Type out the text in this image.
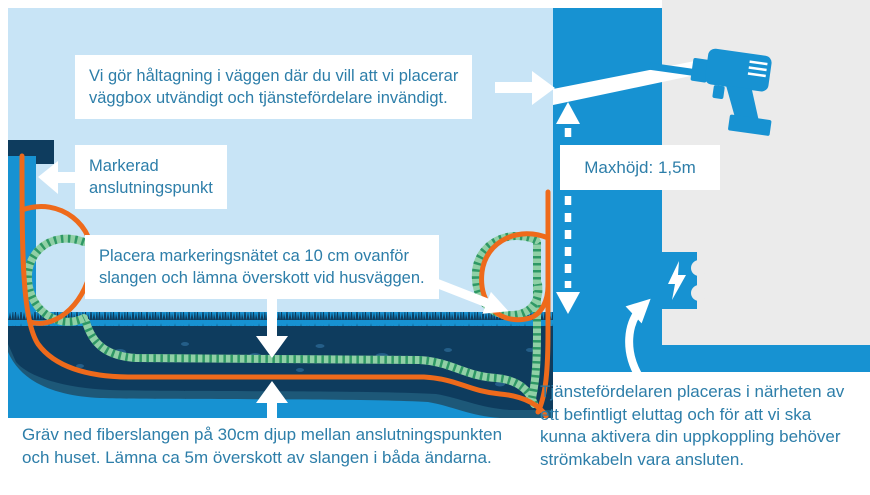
Vi gör håltagning i väggen där du vill att vi placerar
väggbox utvändigt och tjänstefördelare invändigt.
Markerad
anslutningspunkt
Placera markeringsnätet ca 10 cm ovanför
slangen och lämna överskott vid husväggen.
Maxhöjd: 1,5m
Gräv ned fiberslangen på 30cm djup mellan anslutningspunkten
och huset. Lämna ca 5m överskott av slangen i båda ändarna.
Tjänstefördelaren placeras i närheten av
ett befintligt eluttag och för att vi ska
kunna aktivera din uppkoppling behöver
strömkabeln vara ansluten.
